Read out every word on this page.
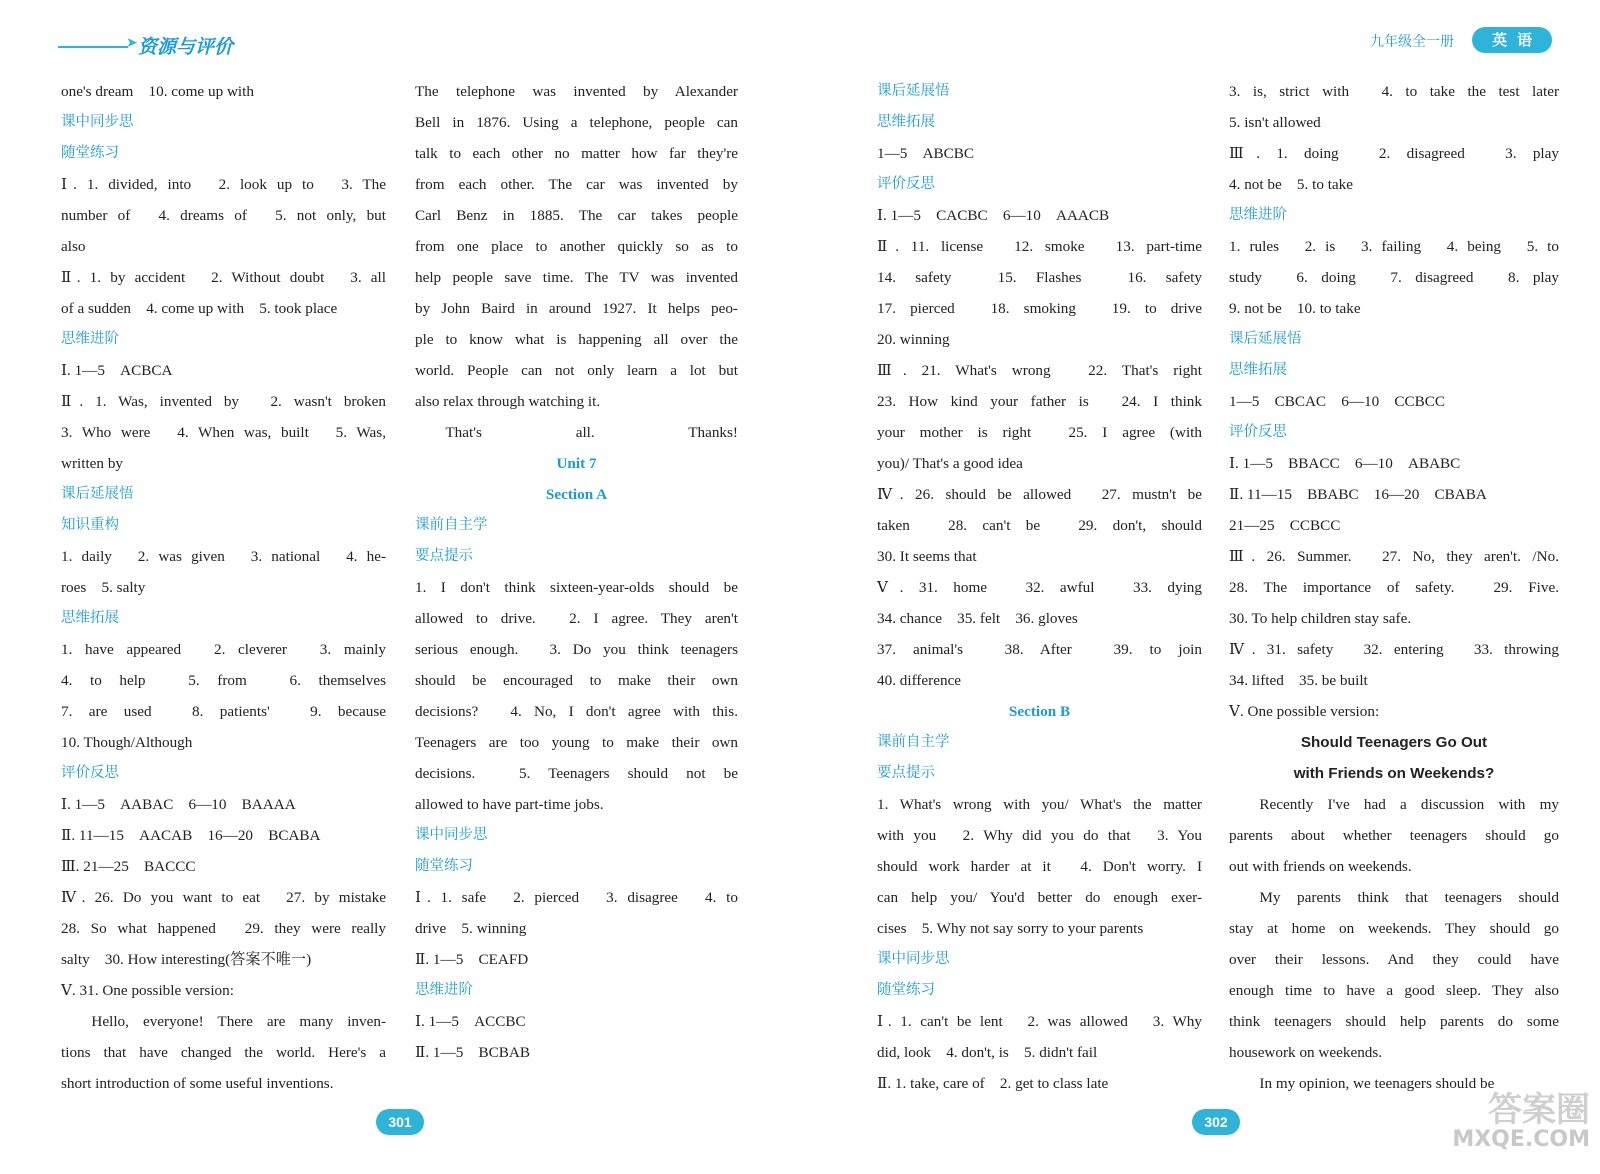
➤ 资源与评价

one's dream　10. come up with

课中同步思

随堂练习

Ⅰ. 1. divided, into　2. look up to　3. The

number of　4. dreams of　5. not only, but

also

Ⅱ. 1. by accident　2. Without doubt　3. all

of a sudden　4. come up with　5. took place

思维进阶

Ⅰ. 1—5　ACBCA

Ⅱ. 1. Was, invented by　2. wasn't broken

3. Who were　4. When was, built　5. Was,

written by

课后延展悟

知识重构

1. daily　2. was given　3. national　4. he-

roes　5. salty

思维拓展

1. have appeared　2. cleverer　3. mainly

4. to help　5. from　6. themselves

7. are used　8. patients'　9. because

10. Though/Although

评价反思

Ⅰ. 1—5　AABAC　6—10　BAAAA

Ⅱ. 11—15　AACAB　16—20　BCABA

Ⅲ. 21—25　BACCC

Ⅳ. 26. Do you want to eat　27. by mistake

28. So what happened　29. they were really

salty　30. How interesting(答案不唯一)

Ⅴ. 31. One possible version:

Hello, everyone! There are many inven-

tions that have changed the world. Here's a

short introduction of some useful inventions.

The telephone was invented by Alexander

Bell in 1876. Using a telephone, people can

talk to each other no matter how far they're

from each other. The car was invented by

Carl Benz in 1885. The car takes people

from one place to another quickly so as to

help people save time. The TV was invented

by John Baird in around 1927. It helps peo-

ple to know what is happening all over the

world. People can not only learn a lot but

also relax through watching it.

That's all. Thanks!

Unit 7

Section A

课前自主学

要点提示

1. I don't think sixteen-year-olds should be

allowed to drive.　2. I agree. They aren't

serious enough.　3. Do you think teenagers

should be encouraged to make their own

decisions?　4. No, I don't agree with this.

Teenagers are too young to make their own

decisions.　5. Teenagers should not be

allowed to have part-time jobs.

课中同步思

随堂练习

Ⅰ. 1. safe　2. pierced　3. disagree　4. to

drive　5. winning

Ⅱ. 1—5　CEAFD

思维进阶

Ⅰ. 1—5　ACCBC

Ⅱ. 1—5　BCBAB

301
九年级全一册	英语

课后延展悟

思维拓展

1—5　ABCBC

评价反思

Ⅰ. 1—5　CACBC　6—10　AAACB

Ⅱ. 11. license　12. smoke　13. part-time

14. safety　15. Flashes　16. safety

17. pierced　18. smoking　19. to drive

20. winning

Ⅲ. 21. What's wrong　22. That's right

23. How kind your father is　24. I think

your mother is right　25. I agree (with

you)/ That's a good idea

Ⅳ. 26. should be allowed　27. mustn't be

taken　28. can't be　29. don't, should

30. It seems that

Ⅴ. 31. home　32. awful　33. dying

34. chance　35. felt　36. gloves

37. animal's　38. After　39. to join

40. difference

Section B

课前自主学

要点提示

1. What's wrong with you/ What's the matter

with you　2. Why did you do that　3. You

should work harder at it　4. Don't worry. I

can help you/ You'd better do enough exer-

cises　5. Why not say sorry to your parents

课中同步思

随堂练习

Ⅰ. 1. can't be lent　2. was allowed　3. Why

did, look　4. don't, is　5. didn't fail

Ⅱ. 1. take, care of　2. get to class late

3. is, strict with　4. to take the test later

5. isn't allowed

Ⅲ. 1. doing　2. disagreed　3. play

4. not be　5. to take

思维进阶

1. rules　2. is　3. failing　4. being　5. to

study　6. doing　7. disagreed　8. play

9. not be　10. to take

课后延展悟

思维拓展

1—5　CBCAC　6—10　CCBCC

评价反思

Ⅰ. 1—5　BBACC　6—10　ABABC

Ⅱ. 11—15　BBABC　16—20　CBABA

21—25　CCBCC

Ⅲ. 26. Summer.　27. No, they aren't. /No.

28. The importance of safety.　29. Five.

30. To help children stay safe.

Ⅳ. 31. safety　32. entering　33. throwing

34. lifted　35. be built

Ⅴ. One possible version:

Should Teenagers Go Out

with Friends on Weekends?

Recently I've had a discussion with my

parents about whether teenagers should go

out with friends on weekends.

My parents think that teenagers should

stay at home on weekends. They should go

over their lessons. And they could have

enough time to have a good sleep. They also

think teenagers should help parents do some

housework on weekends.

In my opinion, we teenagers should be

302	答案圈
MXQE.COM
